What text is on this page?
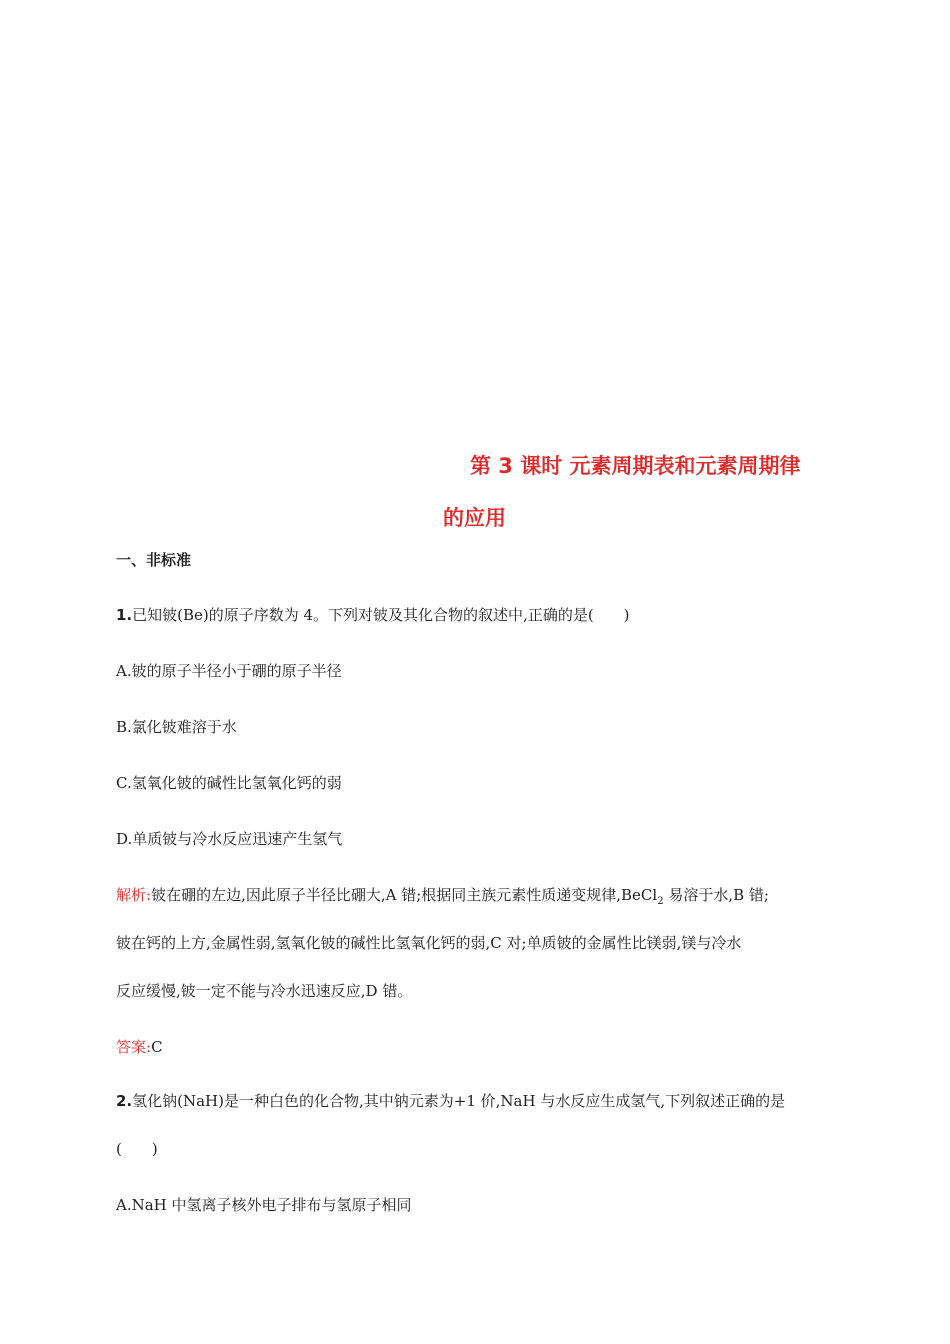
第 3 课时 元素周期表和元素周期律
的应用
一、非标准
1.已知铍(Be)的原子序数为 4。下列对铍及其化合物的叙述中,正确的是(　　)
A.铍的原子半径小于硼的原子半径
B.氯化铍难溶于水
C.氢氧化铍的碱性比氢氧化钙的弱
D.单质铍与冷水反应迅速产生氢气
解析:铍在硼的左边,因此原子半径比硼大,A 错;根据同主族元素性质递变规律,BeCl$_2$ 易溶于水,B 错;
铍在钙的上方,金属性弱,氢氧化铍的碱性比氢氧化钙的弱,C 对;单质铍的金属性比镁弱,镁与冷水
反应缓慢,铍一定不能与冷水迅速反应,D 错。
答案:C
2.氢化钠(NaH)是一种白色的化合物,其中钠元素为+1 价,NaH 与水反应生成氢气,下列叙述正确的是
(　　)
A.NaH 中氢离子核外电子排布与氢原子相同
